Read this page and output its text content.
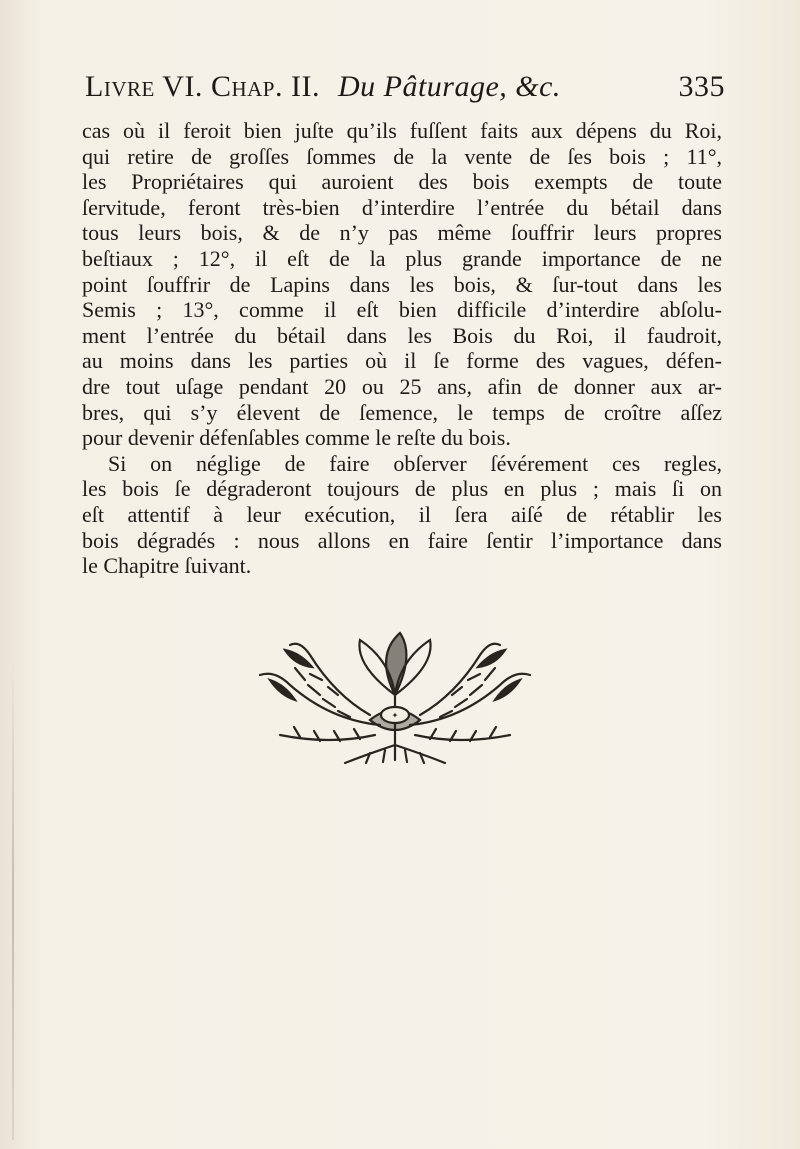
Livre VI. Chap. II. Du Pâturage, &c.	335
cas où il feroit bien juſte qu’ils fuſſent faits aux dépens du Roi,
qui retire de groſſes ſommes de la vente de ſes bois ; 11°,
les Propriétaires qui auroient des bois exempts de toute
ſervitude, feront très-bien d’interdire l’entrée du bétail dans
tous leurs bois, & de n’y pas même ſouffrir leurs propres
beſtiaux ; 12°, il eſt de la plus grande importance de ne
point ſouffrir de Lapins dans les bois, & ſur-tout dans les
Semis ; 13°, comme il eſt bien difficile d’interdire abſolu-
ment l’entrée du bétail dans les Bois du Roi, il faudroit,
au moins dans les parties où il ſe forme des vagues, défen-
dre tout uſage pendant 20 ou 25 ans, afin de donner aux ar-
bres, qui s’y élevent de ſemence, le temps de croître aſſez
pour devenir défenſables comme le reſte du bois.
Si on néglige de faire obſerver ſévérement ces regles,
les bois ſe dégraderont toujours de plus en plus ; mais ſi on
eſt attentif à leur exécution, il ſera aiſé de rétablir les
bois dégradés : nous allons en faire ſentir l’importance dans
le Chapitre ſuivant.
✦
